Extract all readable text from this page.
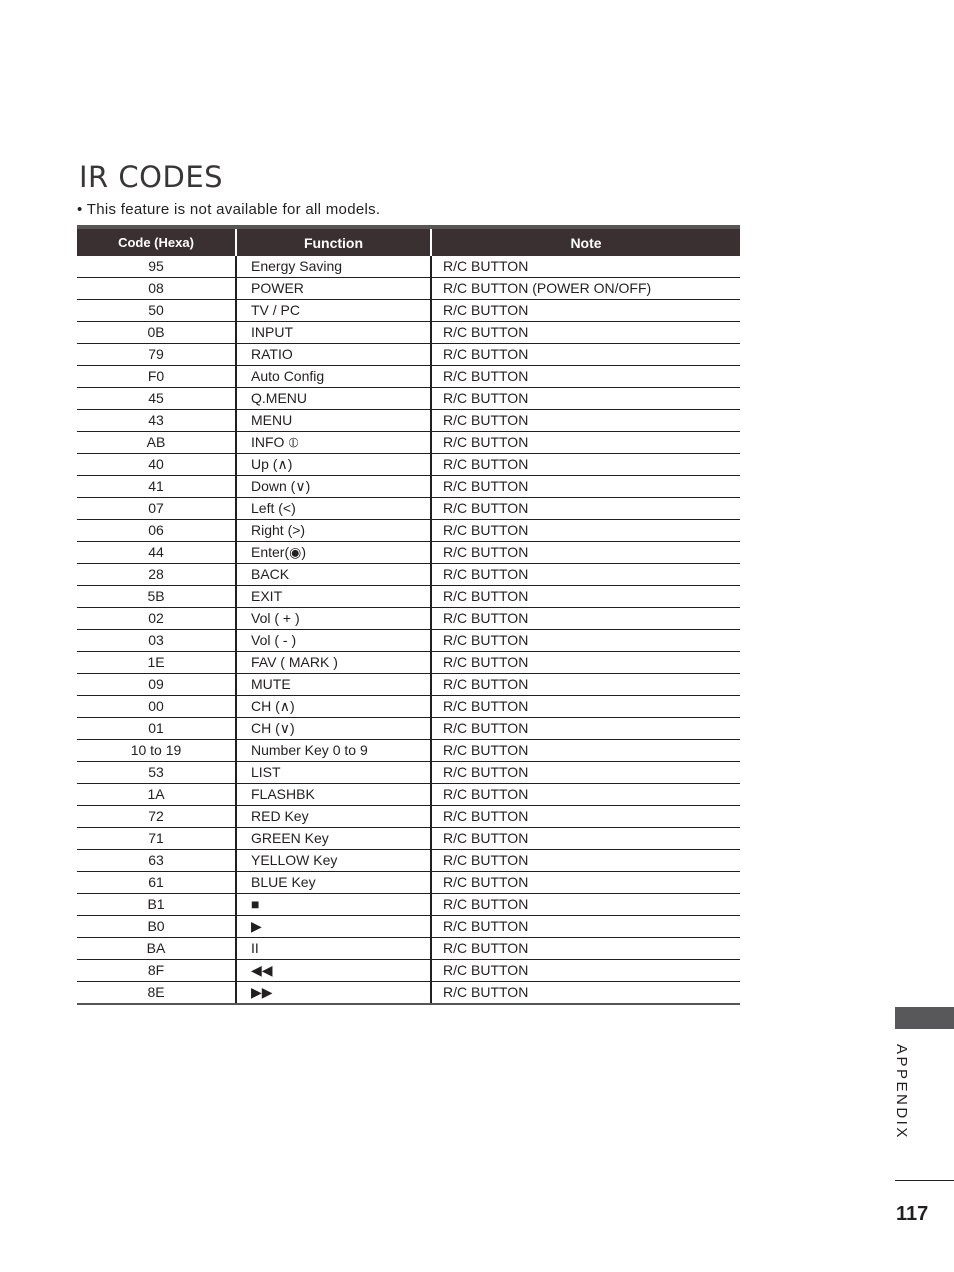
IR CODES
• This feature is not available for all models.
Code (Hexa)	Function	Note
95	Energy Saving	R/C BUTTON
08	POWER	R/C BUTTON (POWER ON/OFF)
50	TV / PC	R/C BUTTON
0B	INPUT	R/C BUTTON
79	RATIO	R/C BUTTON
F0	Auto Config	R/C BUTTON
45	Q.MENU	R/C BUTTON
43	MENU	R/C BUTTON
AB	INFO ⦶	R/C BUTTON
40	Up (∧)	R/C BUTTON
41	Down (∨)	R/C BUTTON
07	Left (<)	R/C BUTTON
06	Right (>)	R/C BUTTON
44	Enter(◉)	R/C BUTTON
28	BACK	R/C BUTTON
5B	EXIT	R/C BUTTON
02	Vol ( + )	R/C BUTTON
03	Vol ( - )	R/C BUTTON
1E	FAV ( MARK )	R/C BUTTON
09	MUTE	R/C BUTTON
00	CH (∧)	R/C BUTTON
01	CH (∨)	R/C BUTTON
10 to 19	Number Key 0 to 9	R/C BUTTON
53	LIST	R/C BUTTON
1A	FLASHBK	R/C BUTTON
72	RED Key	R/C BUTTON
71	GREEN Key	R/C BUTTON
63	YELLOW Key	R/C BUTTON
61	BLUE Key	R/C BUTTON
B1	■	R/C BUTTON
B0	▶	R/C BUTTON
BA	II	R/C BUTTON
8F	◀◀	R/C BUTTON
8E	▶▶	R/C BUTTON
APPENDIX
117
